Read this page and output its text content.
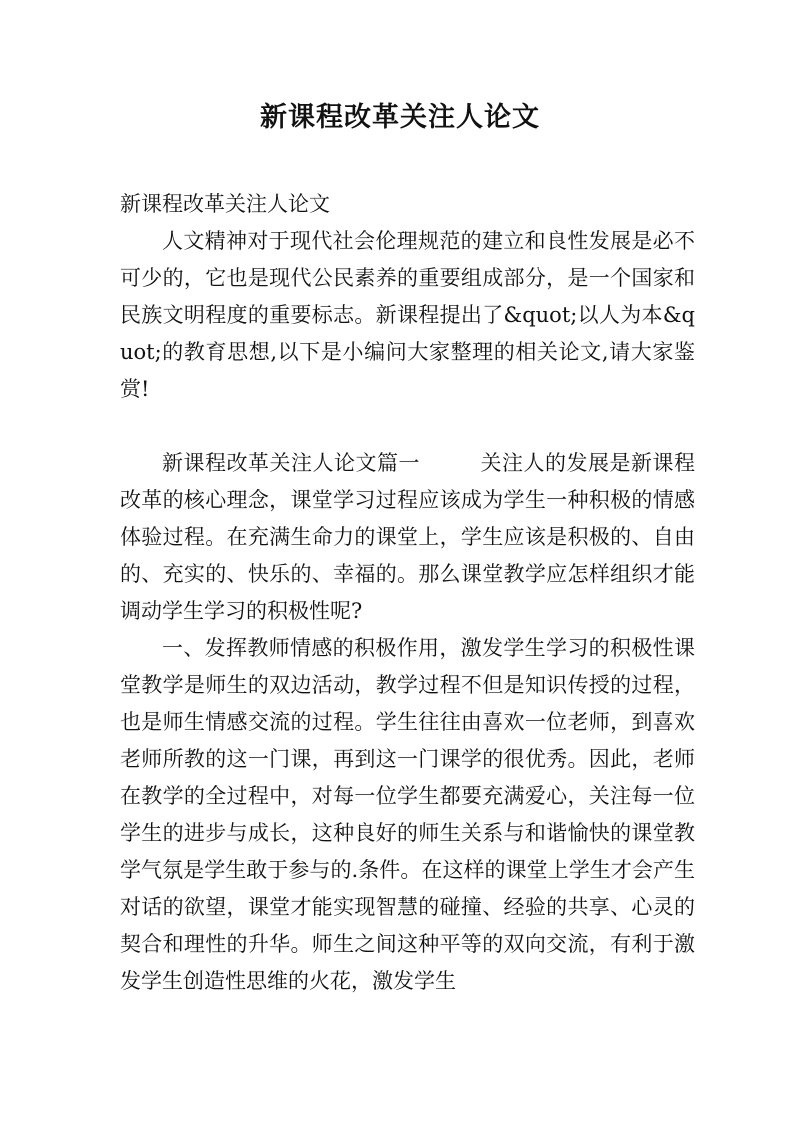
新课程改革关注人论文

新课程改革关注人论文

人文精神对于现代社会伦理规范的建立和良性发展是必不可少的，它也是现代公民素养的重要组成部分，是一个国家和民族文明程度的重要标志。新课程提出了&quot;以人为本&quot;的教育思想,以下是小编问大家整理的相关论文,请大家鉴赏!

新课程改革关注人论文篇一	关注人的发展是新课程改革的核心理念，课堂学习过程应该成为学生一种积极的情感体验过程。在充满生命力的课堂上，学生应该是积极的、自由的、充实的、快乐的、幸福的。那么课堂教学应怎样组织才能调动学生学习的积极性呢?

一、发挥教师情感的积极作用，激发学生学习的积极性课堂教学是师生的双边活动，教学过程不但是知识传授的过程，也是师生情感交流的过程。学生往往由喜欢一位老师，到喜欢老师所教的这一门课，再到这一门课学的很优秀。因此，老师在教学的全过程中，对每一位学生都要充满爱心，关注每一位学生的进步与成长，这种良好的师生关系与和谐愉快的课堂教学气氛是学生敢于参与的.条件。在这样的课堂上学生才会产生对话的欲望，课堂才能实现智慧的碰撞、经验的共享、心灵的契合和理性的升华。师生之间这种平等的双向交流，有利于激发学生创造性思维的火花，激发学生
